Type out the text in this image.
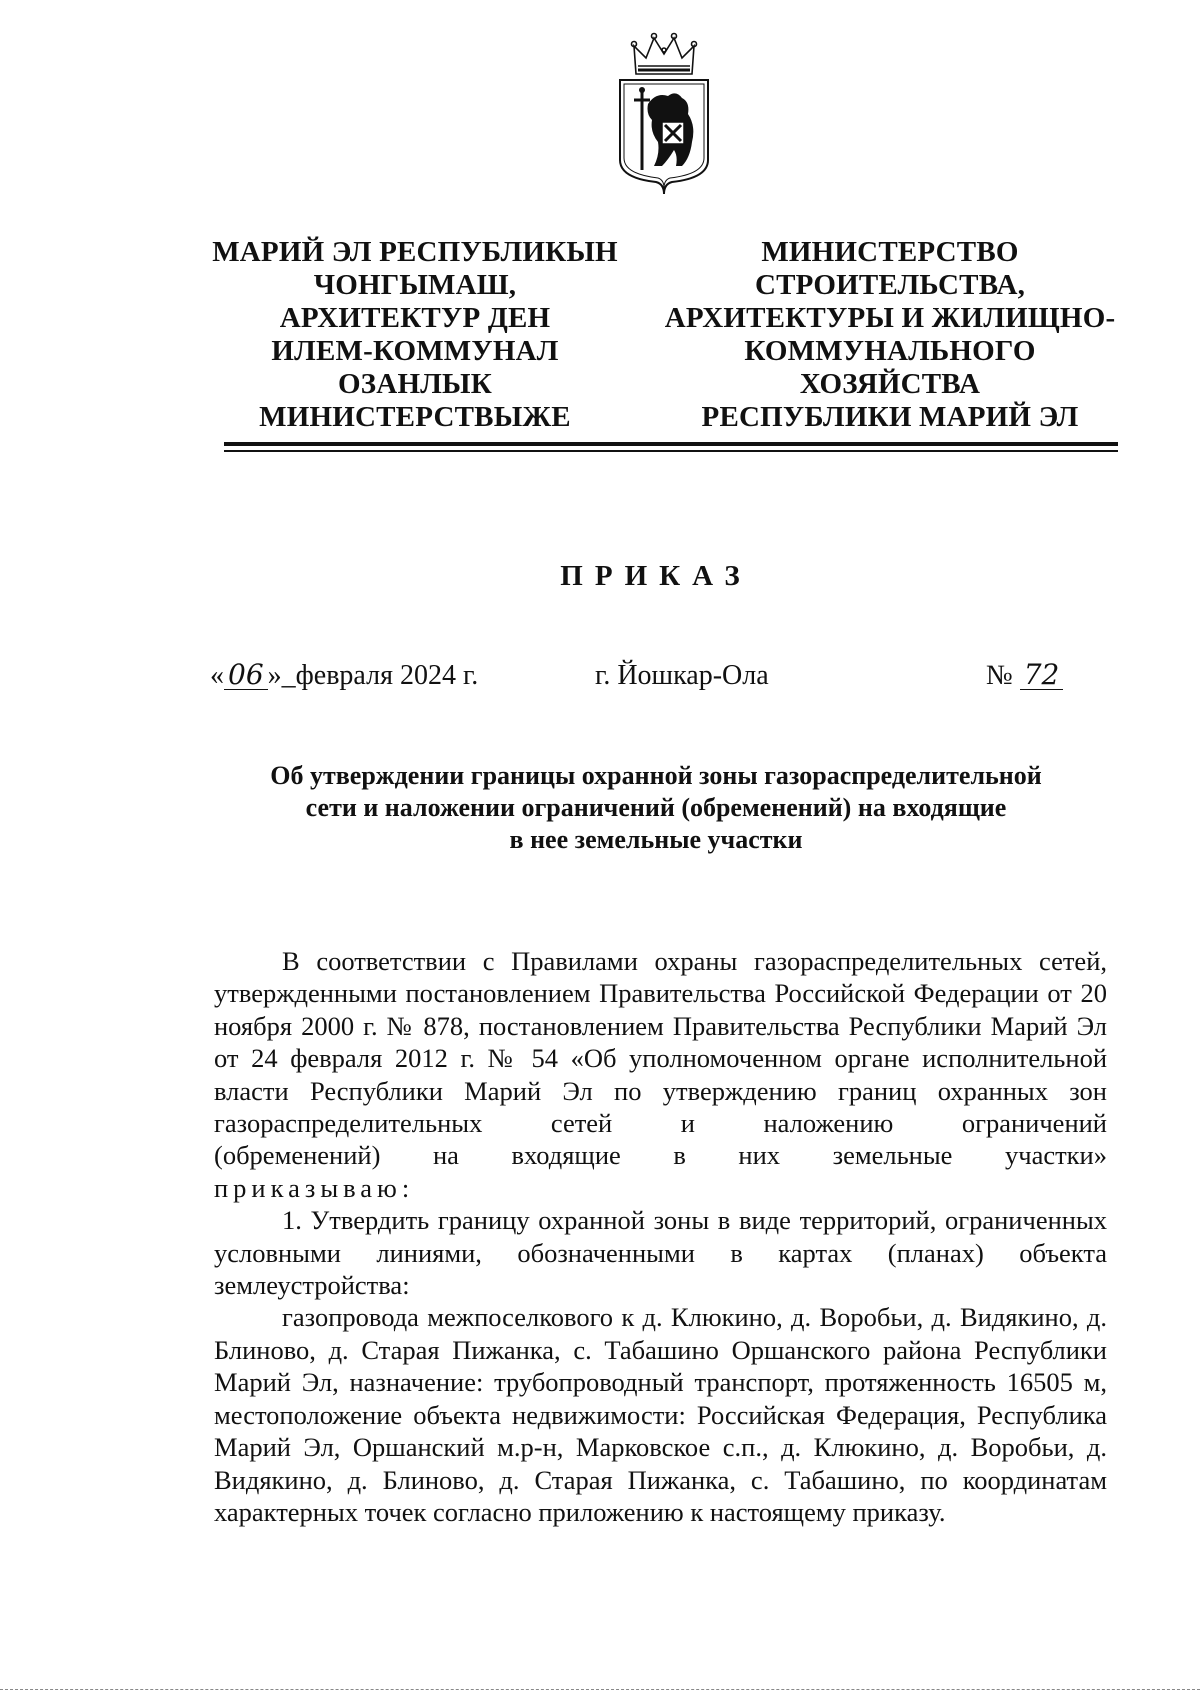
МАРИЙ ЭЛ РЕСПУБЛИКЫН
ЧОНГЫМАШ,
АРХИТЕКТУР ДЕН
ИЛЕМ-КОММУНАЛ
ОЗАНЛЫК
МИНИСТЕРСТВЫЖЕ
МИНИСТЕРСТВО
СТРОИТЕЛЬСТВА,
АРХИТЕКТУРЫ И ЖИЛИЩНО-
КОММУНАЛЬНОГО
ХОЗЯЙСТВА
РЕСПУБЛИКИ МАРИЙ ЭЛ
ПРИКАЗ
« 06 »_февраля 2024 г.	г. Йошкар-Ола	№ 72
Об утверждении границы охранной зоны газораспределительной
сети и наложении ограничений (обременений) на входящие
в нее земельные участки

В соответствии с Правилами охраны газораспределительных сетей, утвержденными постановлением Правительства Российской Федерации от 20 ноября 2000 г. № 878, постановлением Правительства Республики Марий Эл от 24 февраля 2012 г. № 54 «Об уполномоченном органе исполнительной власти Республики Марий Эл по утверждению границ охранных зон газораспределительных сетей и наложению ограничений

(обременений) на входящие в них земельные участки»

приказываю:

1. Утвердить границу охранной зоны в виде территорий, ограниченных условными линиями, обозначенными в картах (планах) объекта землеустройства:

газопровода межпоселкового к д. Клюкино, д. Воробьи, д. Видякино, д. Блиново, д. Старая Пижанка, с. Табашино Оршанского района Республики Марий Эл, назначение: трубопроводный транспорт, протяженность 16505 м, местоположение объекта недвижимости: Российская Федерация, Республика Марий Эл, Оршанский м.р-н, Марковское с.п., д. Клюкино, д. Воробьи, д. Видякино, д. Блиново, д. Старая Пижанка, с. Табашино, по координатам характерных точек согласно приложению к настоящему приказу.
